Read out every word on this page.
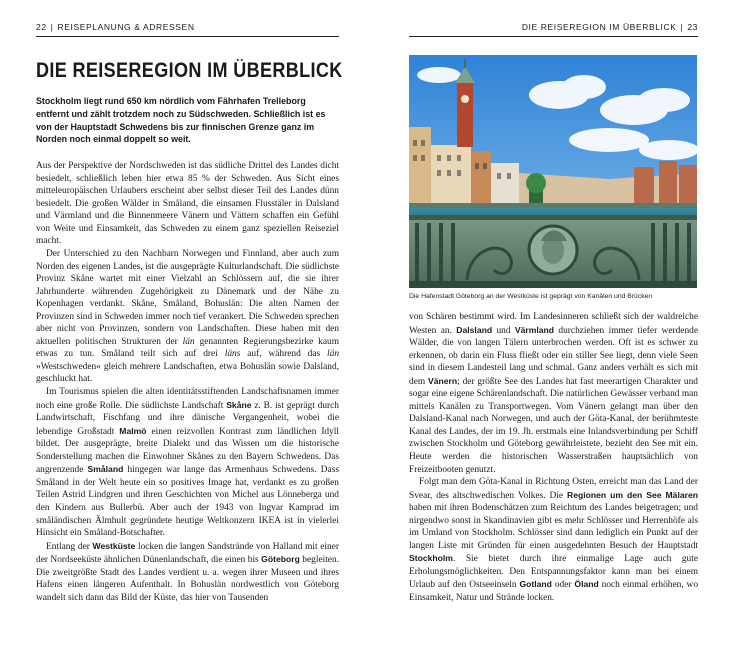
22 | REISEPLANUNG & ADRESSEN
DIE REISEREGION IM ÜBERBLICK

Stockholm liegt rund 650 km nördlich vom Fährhafen Trelleborg entfernt und zählt trotzdem noch zu Südschweden. Schließlich ist es von der Hauptstadt Schwedens bis zur finnischen Grenze ganz im Norden noch einmal doppelt so weit.

Aus der Perspektive der Nordschweden ist das südliche Drittel des Landes dicht besiedelt, schließlich leben hier etwa 85 % der Schweden. Aus Sicht eines mitteleuropäischen Urlaubers erscheint aber selbst dieser Teil des Landes dünn besiedelt. Die großen Wälder in Småland, die einsamen Flusstäler in Dalsland und Värmland und die Binnenmeere Vänern und Vättern schaffen ein Gefühl von Weite und Einsamkeit, das Schweden zu einem ganz speziellen Reiseziel macht.

Der Unterschied zu den Nachbarn Norwegen und Finnland, aber auch zum Norden des eigenen Landes, ist die ausgeprägte Kulturlandschaft. Die südlichste Provinz Skåne wartet mit einer Vielzahl an Schlössern auf, die sie ihrer Jahrhunderte währenden Zugehörigkeit zu Dänemark und der Nähe zu Kopenhagen verdankt. Skåne, Småland, Bohuslän: Die alten Namen der Provinzen sind in Schweden immer noch tief verankert. Die Schweden sprechen aber nicht von Provinzen, sondern von Landschaften. Diese haben mit den aktuellen politischen Strukturen der län genannten Regierungsbezirke kaum etwas zu tun. Småland teilt sich auf drei läns auf, während das län »Westschweden« gleich mehrere Landschaften, etwa Bohuslän sowie Dalsland, geschluckt hat.

Im Tourismus spielen die alten identitätsstiftenden Landschaftsnamen immer noch eine große Rolle. Die südlichste Landschaft Skåne z. B. ist geprägt durch Landwirtschaft, Fischfang und ihre dänische Vergangenheit, wobei die lebendige Großstadt Malmö einen reizvollen Kontrast zum ländlichen Idyll bildet. Der ausgeprägte, breite Dialekt und das Wissen um die historische Sonderstellung machen die Einwohner Skånes zu den Bayern Schwedens. Das angrenzende Småland hingegen war lange das Armenhaus Schwedens. Dass Småland in der Welt heute ein so positives Image hat, verdankt es zu großen Teilen Astrid Lindgren und ihren Geschichten von Michel aus Lönneberga und den Kindern aus Bullerbü. Aber auch der 1943 von Ingvar Kamprad im småländischen Älmhult gegründete heutige Weltkonzern IKEA ist in vielerlei Hinsicht ein Småland-Botschafter.

Entlang der Westküste locken die langen Sandstrände von Halland mit einer der Nordseeküste ähnlichen Dünenlandschaft, die einen bis Göteborg begleiten. Die zweitgrößte Stadt des Landes verdient u. a. wegen ihrer Museen und ihres Hafens einen längeren Aufenthalt. In Bohuslän nordwestlich von Göteborg wandelt sich dann das Bild der Küste, das hier von Tausenden

DIE REISEREGION IM ÜBERBLICK | 23
Die Hafenstadt Göteborg an der Westküste ist geprägt von Kanälen und Brücken

von Schären bestimmt wird. Im Landesinneren schließt sich der waldreiche Westen an. Dalsland und Värmland durchziehen immer tiefer werdende Wälder, die von langen Tälern unterbrochen werden. Oft ist es schwer zu erkennen, ob darin ein Fluss fließt oder ein stiller See liegt, denn viele Seen sind in diesem Landesteil lang und schmal. Ganz anders verhält es sich mit dem Vänern; der größte See des Landes hat fast meerartigen Charakter und sogar eine eigene Schärenlandschaft. Die natürlichen Gewässer verband man mittels Kanälen zu Transportwegen. Vom Vänern gelangt man über den Dalsland-Kanal nach Norwegen, und auch der Göta-Kanal, der berühmteste Kanal des Landes, der im 19. Jh. erstmals eine Inlandsverbindung per Schiff zwischen Stockholm und Göteborg gewährleistete, bezieht den See mit ein. Heute werden die historischen Wasserstraßen hauptsächlich von Freizeitbooten genutzt.

Folgt man dem Göta-Kanal in Richtung Osten, erreicht man das Land der Svear, des altschwedischen Volkes. Die Regionen um den See Mälaren haben mit ihren Bodenschätzen zum Reichtum des Landes beigetragen; und nirgendwo sonst in Skandinavien gibt es mehr Schlösser und Herrenhöfe als im Umland von Stockholm. Schlösser sind dann lediglich ein Punkt auf der langen Liste mit Gründen für einen ausgedehnten Besuch der Hauptstadt Stockholm. Sie bietet durch ihre einmalige Lage auch gute Erholungsmöglichkeiten. Den Entspannungsfaktor kann man bei einem Urlaub auf den Ostseeinseln Gotland oder Öland noch einmal erhöhen, wo Einsamkeit, Natur und Strände locken.
